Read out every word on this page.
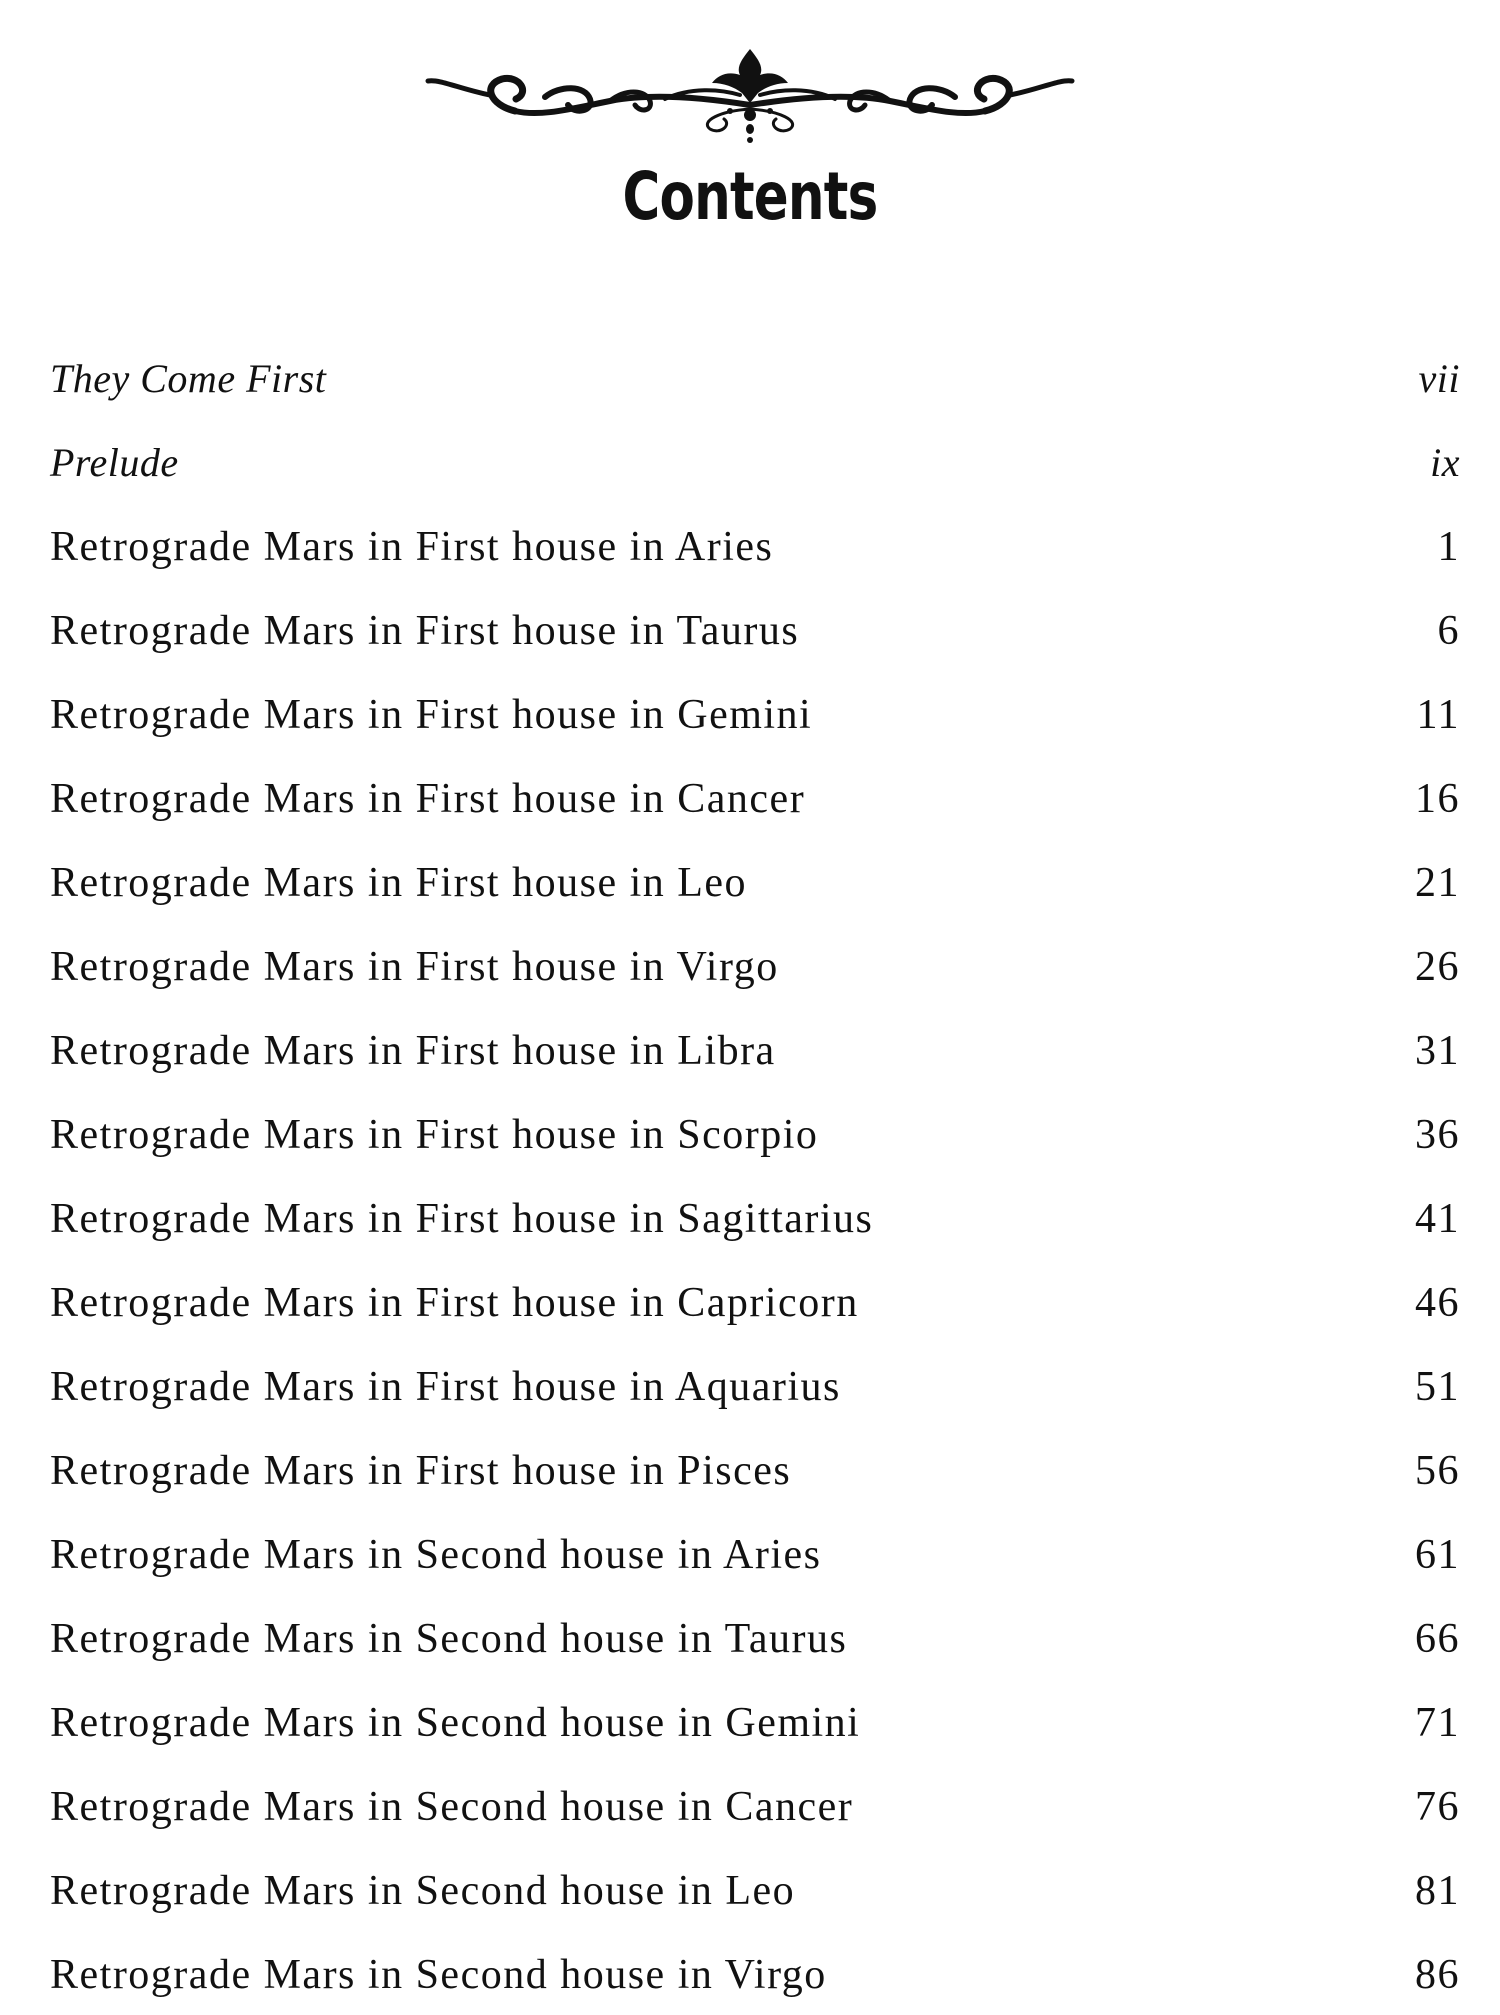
Contents
They Come First	vii
Prelude	ix
Retrograde Mars in First house in Aries	1
Retrograde Mars in First house in Taurus	6
Retrograde Mars in First house in Gemini	11
Retrograde Mars in First house in Cancer	16
Retrograde Mars in First house in Leo	21
Retrograde Mars in First house in Virgo	26
Retrograde Mars in First house in Libra	31
Retrograde Mars in First house in Scorpio	36
Retrograde Mars in First house in Sagittarius	41
Retrograde Mars in First house in Capricorn	46
Retrograde Mars in First house in Aquarius	51
Retrograde Mars in First house in Pisces	56
Retrograde Mars in Second house in Aries	61
Retrograde Mars in Second house in Taurus	66
Retrograde Mars in Second house in Gemini	71
Retrograde Mars in Second house in Cancer	76
Retrograde Mars in Second house in Leo	81
Retrograde Mars in Second house in Virgo	86
